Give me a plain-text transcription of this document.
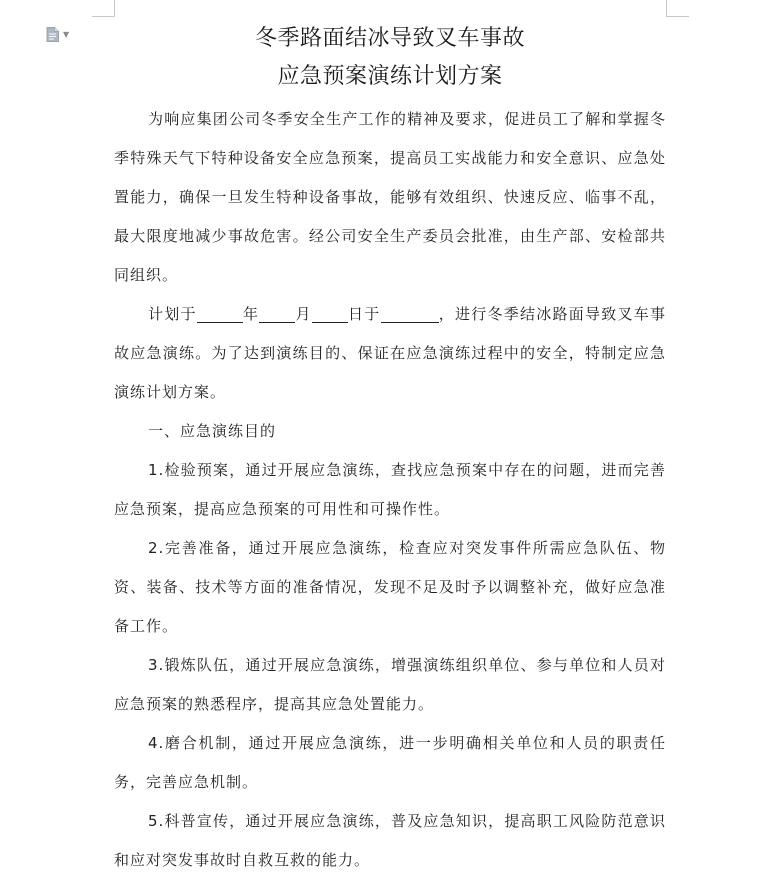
▼	冬季路面结冰导致叉车事故
应急预案演练计划方案

为响应集团公司冬季安全生产工作的精神及要求，促进员工了解和掌握冬季特殊天气下特种设备安全应急预案，提高员工实战能力和安全意识、应急处置能力，确保一旦发生特种设备事故，能够有效组织、快速反应、临事不乱，最大限度地减少事故危害。经公司安全生产委员会批准，由生产部、安检部共同组织。

计划于	年 月 日于	，进行冬季结冰路面导致叉车事故应急演练。为了达到演练目的、保证在应急演练过程中的安全，特制定应急演练计划方案。

一、应急演练目的

1.检验预案，通过开展应急演练，查找应急预案中存在的问题，进而完善应急预案，提高应急预案的可用性和可操作性。

2.完善准备，通过开展应急演练，检查应对突发事件所需应急队伍、物资、装备、技术等方面的准备情况，发现不足及时予以调整补充，做好应急准备工作。

3.锻炼队伍，通过开展应急演练，增强演练组织单位、参与单位和人员对应急预案的熟悉程序，提高其应急处置能力。

4.磨合机制，通过开展应急演练，进一步明确相关单位和人员的职责任务，完善应急机制。

5.科普宣传，通过开展应急演练，普及应急知识，提高职工风险防范意识和应对突发事故时自救互救的能力。
